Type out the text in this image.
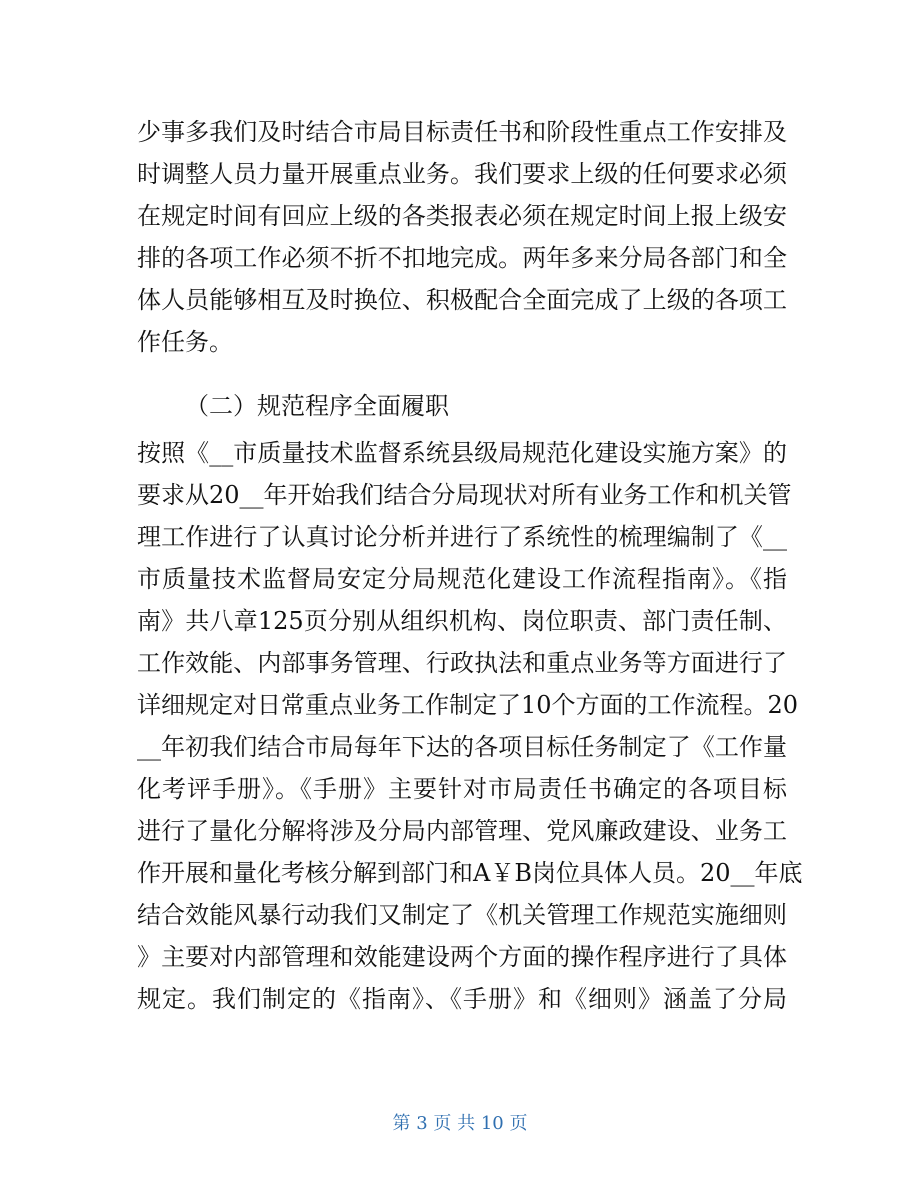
少事多我们及时结合市局目标责任书和阶段性重点工作安排及
时调整人员力量开展重点业务。我们要求上级的任何要求必须
在规定时间有回应上级的各类报表必须在规定时间上报上级安
排的各项工作必须不折不扣地完成。两年多来分局各部门和全
体人员能够相互及时换位、积极配合全面完成了上级的各项工
作任务。
（二）规范程序全面履职
按照《__市质量技术监督系统县级局规范化建设实施方案》的
要求从20__年开始我们结合分局现状对所有业务工作和机关管
理工作进行了认真讨论分析并进行了系统性的梳理编制了《__
市质量技术监督局安定分局规范化建设工作流程指南》。《指
南》共八章125页分别从组织机构、岗位职责、部门责任制、
工作效能、内部事务管理、行政执法和重点业务等方面进行了
详细规定对日常重点业务工作制定了10个方面的工作流程。20
__年初我们结合市局每年下达的各项目标任务制定了《工作量
化考评手册》。《手册》主要针对市局责任书确定的各项目标
进行了量化分解将涉及分局内部管理、党风廉政建设、业务工
作开展和量化考核分解到部门和A￥B岗位具体人员。20__年底
结合效能风暴行动我们又制定了《机关管理工作规范实施细则
》主要对内部管理和效能建设两个方面的操作程序进行了具体
规定。我们制定的《指南》、《手册》和《细则》涵盖了分局
第 3 页 共 10 页
